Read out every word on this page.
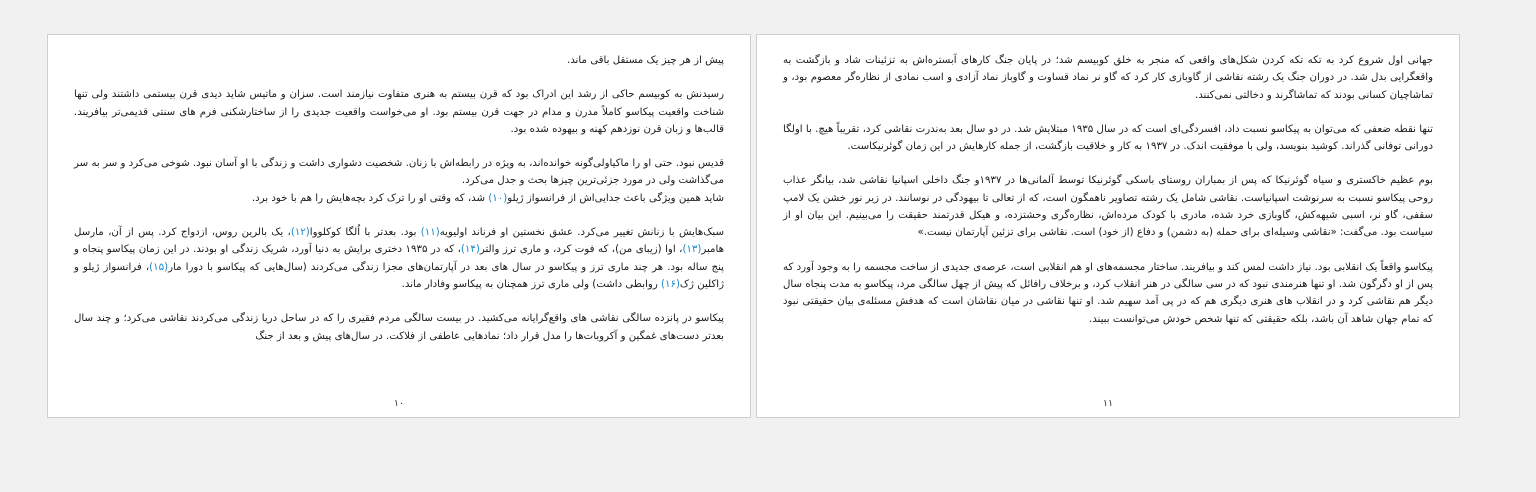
پیش از هر چیز یک مستقل باقی ماند.

رسیدنش به کوبیسم حاکی از رشد این ادراک بود که قرن بیستم به هنری متفاوت نیازمند است. سزان و ماتیس شاید دیدی قرن بیستمی داشتند ولی تنها شناخت واقعیت پیکاسو کاملاً مدرن و مدام در جهت قرن بیستم بود. او می‌خواست واقعیت جدیدی را از ساختارشکنی فرم های سنتی قدیمی‌تر بیافریند. قالب‌ها و زبان قرن نوزدهم کهنه و بیهوده شده بود.

قدیس نبود. حتی او را ماکیاولی‌گونه خوانده‌اند، به ویژه در رابطه‌اش با زنان. شخصیت دشواری داشت و زندگی با او آسان نبود. شوخی می‌کرد و سر به سر می‌گذاشت ولی در مورد جزئی‌ترین چیزها بحث و جدل می‌کرد.

شاید همین ویژگی باعث جدایی‌اش از فرانسواز ژیلو(۱۰) شد، که وقتی او را ترک کرد بچه‌هایش را هم با خود برد.

سبک‌هایش با زنانش تغییر می‌کرد. عشق نخستین او فرناند اولیویه(۱۱) بود. بعدتر با اُلگا کوکلووا(۱۲)، یک بالرین روس، ازدواج کرد. پس از آن، مارسل هامبر(۱۳)، اوا (زیبای من)، که فوت کرد، و ماری ترز والتر(۱۴)، که در ۱۹۳۵ دختری برایش به دنیا آورد، شریک زندگی او بودند. در این زمان پیکاسو پنجاه و پنج ساله بود. هر چند ماری ترز و پیکاسو در سال های بعد در آپارتمان‌های مجزا زندگی می‌کردند (سال‌هایی که پیکاسو با دورا مار(۱۵)، فرانسواز ژیلو و ژاکلین ژک(۱۶) روابطی داشت) ولی ماری ترز همچنان به پیکاسو وفادار ماند.

پیکاسو در پانزده سالگی نقاشی های واقع‌گرایانه می‌کشید. در بیست سالگی مردم فقیری را که در ساحل دریا زندگی می‌کردند نقاشی می‌کرد؛ و چند سال بعدتر دست‌های غمگین و آکروبات‌ها را مدل قرار داد؛ نمادهایی عاطفی از فلاکت. در سال‌های پیش و بعد از جنگ

۱۰

جهانی اول شروع کرد به تکه تکه کردن شکل‌های واقعی که منجر به خلق کوبیسم شد؛ در پایان جنگ کارهای آبستره‌اش به تزئینات شاد و بازگشت به واقعگرایی بدل شد. در دوران جنگ یک رشته نقاشی از گاوبازی کار کرد که گاو نر نماد قساوت و گاوباز نماد آزادی و اسب نمادی از نظاره‌گر معصوم بود، و تماشاچیان کسانی بودند که تماشاگرند و دخالتی نمی‌کنند.

تنها نقطه ضعفی که می‌توان به پیکاسو نسبت داد، افسردگی‌ای است که در سال ۱۹۳۵ مبتلایش شد. در دو سال بعد به‌ندرت نقاشی کرد، تقریباً هیچ. با اولگا دورانی توفانی گذراند. کوشید بنویسد، ولی با موفقیت اندک. در ۱۹۳۷ به کار و خلاقیت بازگشت، از جمله کارهایش در این زمان گوئرنیکاست.

بوم عظیم خاکستری و سیاه گوئرنیکا که پس از بمباران روستای باسکی گوئرنیکا توسط آلمانی‌ها در ۱۹۳۷و جنگ داخلی اسپانیا نقاشی شد، بیانگر عذاب روحی پیکاسو نسبت به سرنوشت اسپانیاست. نقاشی شامل یک رشته تصاویر ناهمگون است، که از تعالی تا بیهودگی در نوسانند. در زیر نور خشن یک لامپ سقفی، گاو نر، اسبی شیهه‌کش، گاوبازی خرد شده، مادری با کودک مرده‌اش، نظاره‌گری وحشتزده، و هیکل قدرتمند حقیقت را می‌بینیم. این بیان او از سیاست بود. می‌گفت: «نقاشی وسیله‌ای برای حمله (به دشمن) و دفاع (از خود) است. نقاشی برای تزئین آپارتمان نیست.»

پیکاسو واقعاً یک انقلابی بود. نیاز داشت لمس کند و بیافریند. ساختار مجسمه‌های او هم انقلابی است، عرصه‌ی جدیدی از ساخت مجسمه را به وجود آورد که پس از او دگرگون شد. او تنها هنرمندی نبود که در سی سالگی در هنر انقلاب کرد، و برخلاف رافائل که پیش از چهل سالگی مرد، پیکاسو به مدت پنجاه سال دیگر هم نقاشی کرد و در انقلاب های هنری دیگری هم که در پی آمد سهیم شد. او تنها نقاشی در میان نقاشان است که هدفش مسئله‌ی بیان حقیقتی نبود که تمام جهان شاهد آن باشد، بلکه حقیقتی که تنها شخص خودش می‌توانست ببیند.

۱۱
